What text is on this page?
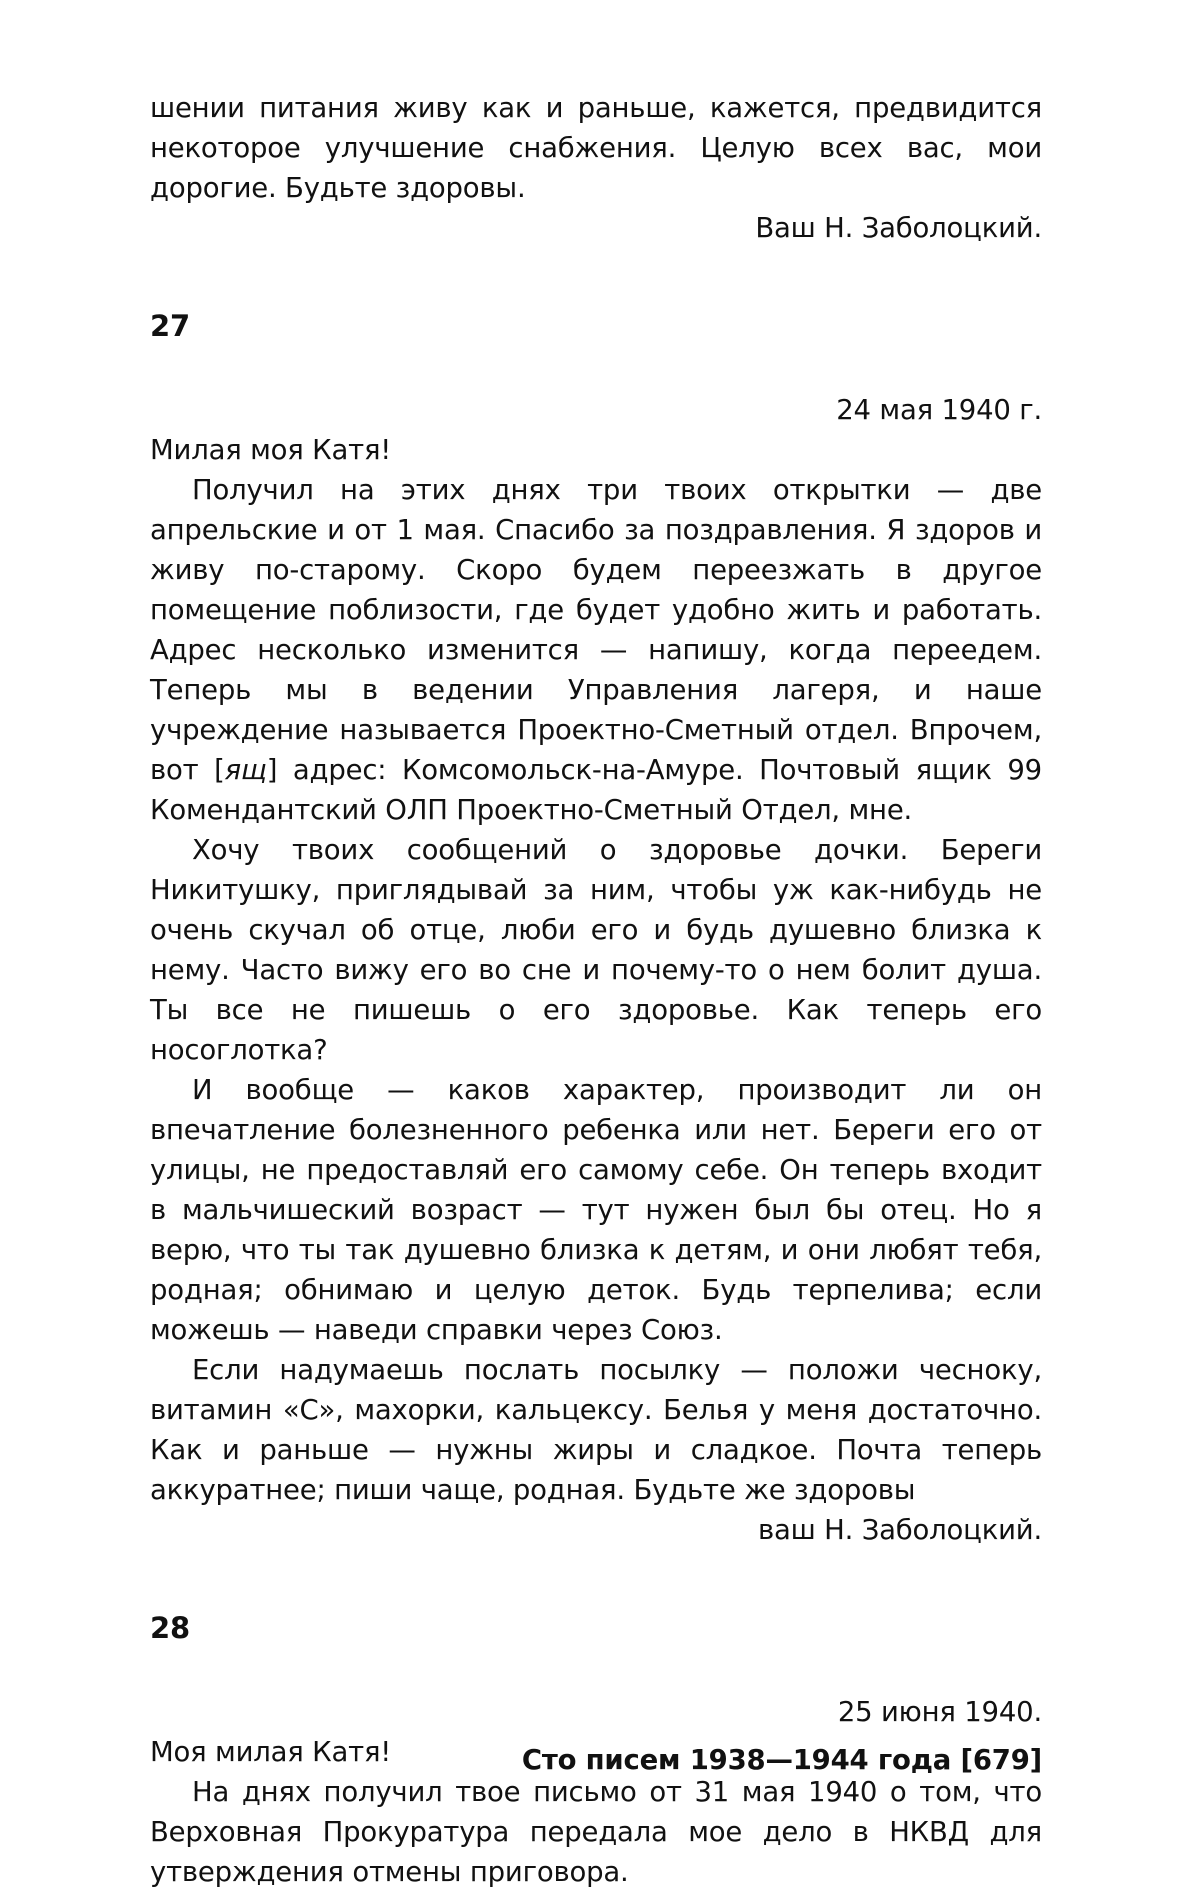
шении питания живу как и раньше, кажется, предвидится некоторое улучшение снабжения. Целую всех вас, мои дорогие. Будьте здоровы.

Ваш Н. Заболоцкий.

27

24 мая 1940 г.

Милая моя Катя!

Получил на этих днях три твоих открытки — две апрельские и от 1 мая. Спасибо за поздравления. Я здоров и живу по-старому. Скоро будем переезжать в другое помещение поблизости, где будет удобно жить и работать. Адрес несколько изменится — напишу, когда переедем. Теперь мы в ведении Управления лагеря, и наше учреждение называется Проектно-Сметный отдел. Впрочем, вот [ящ] адрес: Комсомольск-на-Амуре. Почтовый ящик 99 Комендантский ОЛП Проектно-Сметный Отдел, мне.

Хочу твоих сообщений о здоровье дочки. Береги Никитушку, приглядывай за ним, чтобы уж как-нибудь не очень скучал об отце, люби его и будь душевно близка к нему. Часто вижу его во сне и почему-то о нем болит душа. Ты все не пишешь о его здоровье. Как теперь его носоглотка?

И вообще — каков характер, производит ли он впечатление болезненного ребенка или нет. Береги его от улицы, не предоставляй его самому себе. Он теперь входит в мальчишеский возраст — тут нужен был бы отец. Но я верю, что ты так душевно близка к детям, и они любят тебя, родная; обнимаю и целую деток. Будь терпелива; если можешь — наведи справки через Союз.

Если надумаешь послать посылку — положи чесноку, витамин «С», махорки, кальцексу. Белья у меня достаточно. Как и раньше — нужны жиры и сладкое. Почта теперь аккуратнее; пиши чаще, родная. Будьте же здоровы

ваш Н. Заболоцкий.

28

25 июня 1940.

Моя милая Катя!

На днях получил твое письмо от 31 мая 1940 о том, что Верховная Прокуратура передала мое дело в НКВД для утверждения отмены приговора.

Сто писем 1938—1944 года [679]
